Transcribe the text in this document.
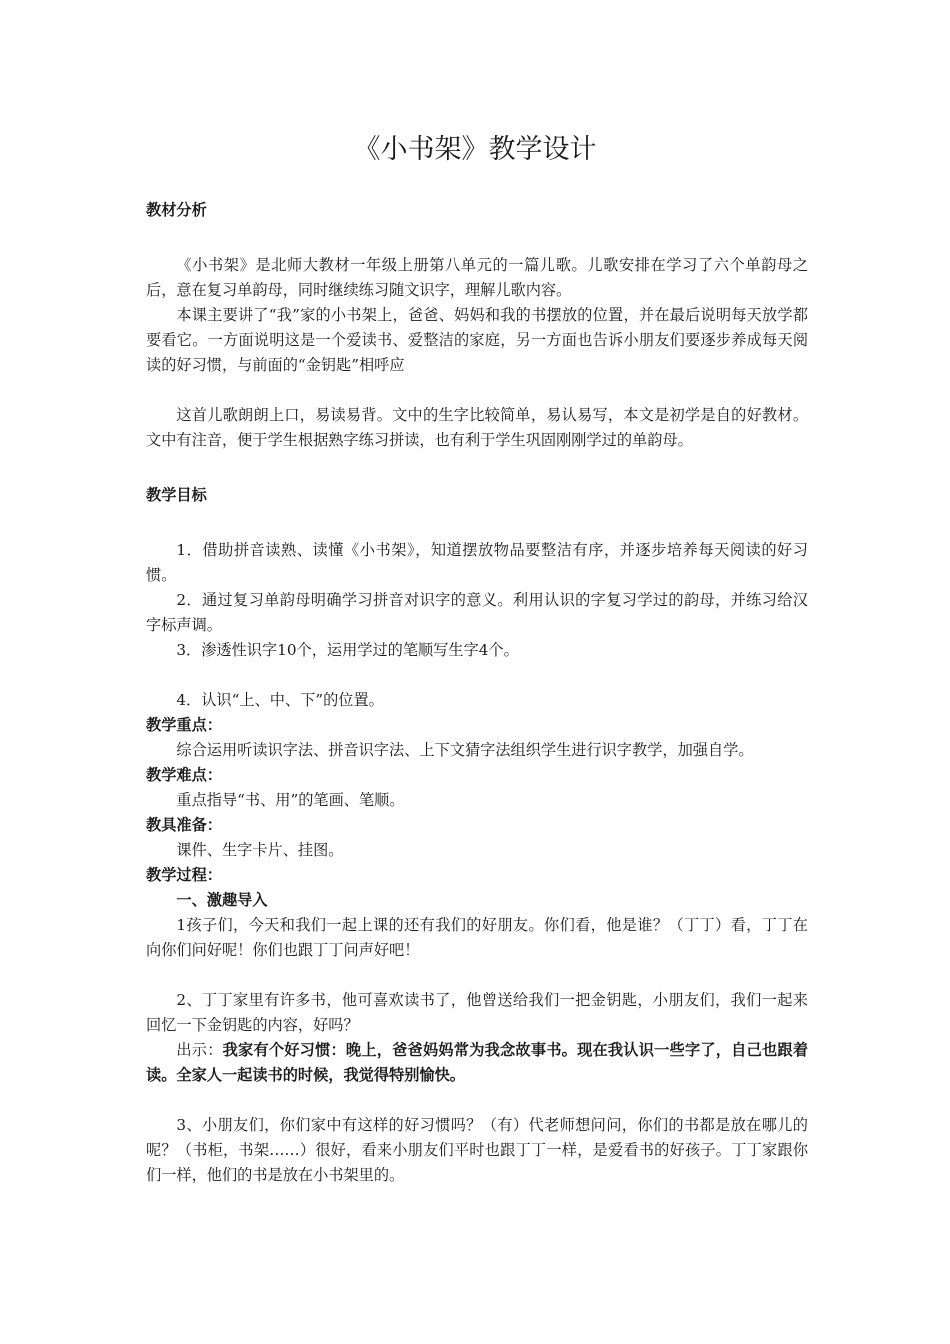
《小书架》教学设计

教材分析

《小书架》是北师大教材一年级上册第八单元的一篇儿歌。儿歌安排在学习了六个单韵母之后，意在复习单韵母，同时继续练习随文识字，理解儿歌内容。

本课主要讲了“我”家的小书架上，爸爸、妈妈和我的书摆放的位置，并在最后说明每天放学都要看它。一方面说明这是一个爱读书、爱整洁的家庭，另一方面也告诉小朋友们要逐步养成每天阅读的好习惯，与前面的“金钥匙”相呼应

这首儿歌朗朗上口，易读易背。文中的生字比较简单，易认易写，本文是初学是自的好教材。文中有注音，便于学生根据熟字练习拼读，也有利于学生巩固刚刚学过的单韵母。

教学目标

1．借助拼音读熟、读懂《小书架》，知道摆放物品要整洁有序，并逐步培养每天阅读的好习惯。

2．通过复习单韵母明确学习拼音对识字的意义。利用认识的字复习学过的韵母，并练习给汉字标声调。

3．渗透性识字10个，运用学过的笔顺写生字4个。

4．认识“上、中、下”的位置。

教学重点：

综合运用听读识字法、拼音识字法、上下文猜字法组织学生进行识字教学，加强自学。

教学难点：

重点指导“书、用”的笔画、笔顺。

教具准备：

课件、生字卡片、挂图。

教学过程：

一、激趣导入

1孩子们，今天和我们一起上课的还有我们的好朋友。你们看，他是谁？（丁丁）看，丁丁在向你们问好呢！你们也跟丁丁问声好吧！

2、丁丁家里有许多书，他可喜欢读书了，他曾送给我们一把金钥匙，小朋友们，我们一起来回忆一下金钥匙的内容，好吗？

出示：我家有个好习惯：晚上，爸爸妈妈常为我念故事书。现在我认识一些字了，自己也跟着读。全家人一起读书的时候，我觉得特别愉快。

3、小朋友们，你们家中有这样的好习惯吗？（有）代老师想问问，你们的书都是放在哪儿的呢？（书柜，书架……）很好，看来小朋友们平时也跟丁丁一样，是爱看书的好孩子。丁丁家跟你们一样，他们的书是放在小书架里的。
